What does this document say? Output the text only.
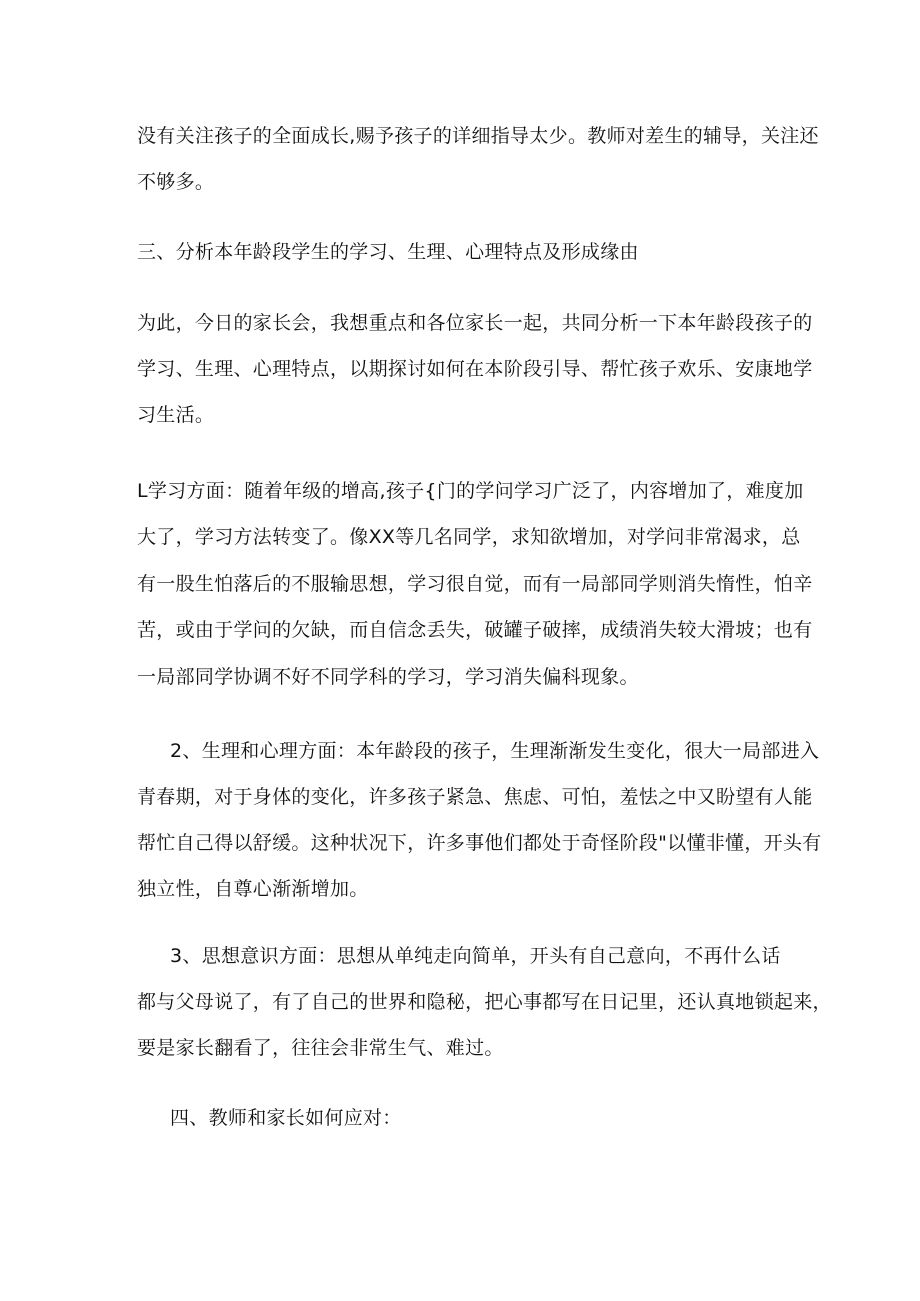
没有关注孩子的全面成长,赐予孩子的详细指导太少。教师对差生的辅导，关注还
不够多。
三、分析本年龄段学生的学习、生理、心理特点及形成缘由
为此，今日的家长会，我想重点和各位家长一起，共同分析一下本年龄段孩子的
学习、生理、心理特点，以期探讨如何在本阶段引导、帮忙孩子欢乐、安康地学
习生活。
L学习方面：随着年级的增高,孩子{门的学问学习广泛了，内容增加了，难度加
大了，学习方法转变了。像XX等几名同学，求知欲增加，对学问非常渴求，总
有一股生怕落后的不服输思想，学习很自觉，而有一局部同学则消失惰性，怕辛
苦，或由于学问的欠缺，而自信念丢失，破罐子破摔，成绩消失较大滑坡；也有
一局部同学协调不好不同学科的学习，学习消失偏科现象。
2、生理和心理方面：本年龄段的孩子，生理渐渐发生变化，很大一局部进入
青春期，对于身体的变化，许多孩子紧急、焦虑、可怕，羞怯之中又盼望有人能
帮忙自己得以舒缓。这种状况下，许多事他们都处于奇怪阶段"以懂非懂，开头有
独立性，自尊心渐渐增加。
3、思想意识方面：思想从单纯走向简单，开头有自己意向，不再什么话
都与父母说了，有了自己的世界和隐秘，把心事都写在日记里，还认真地锁起来，
要是家长翻看了，往往会非常生气、难过。
四、教师和家长如何应对：
